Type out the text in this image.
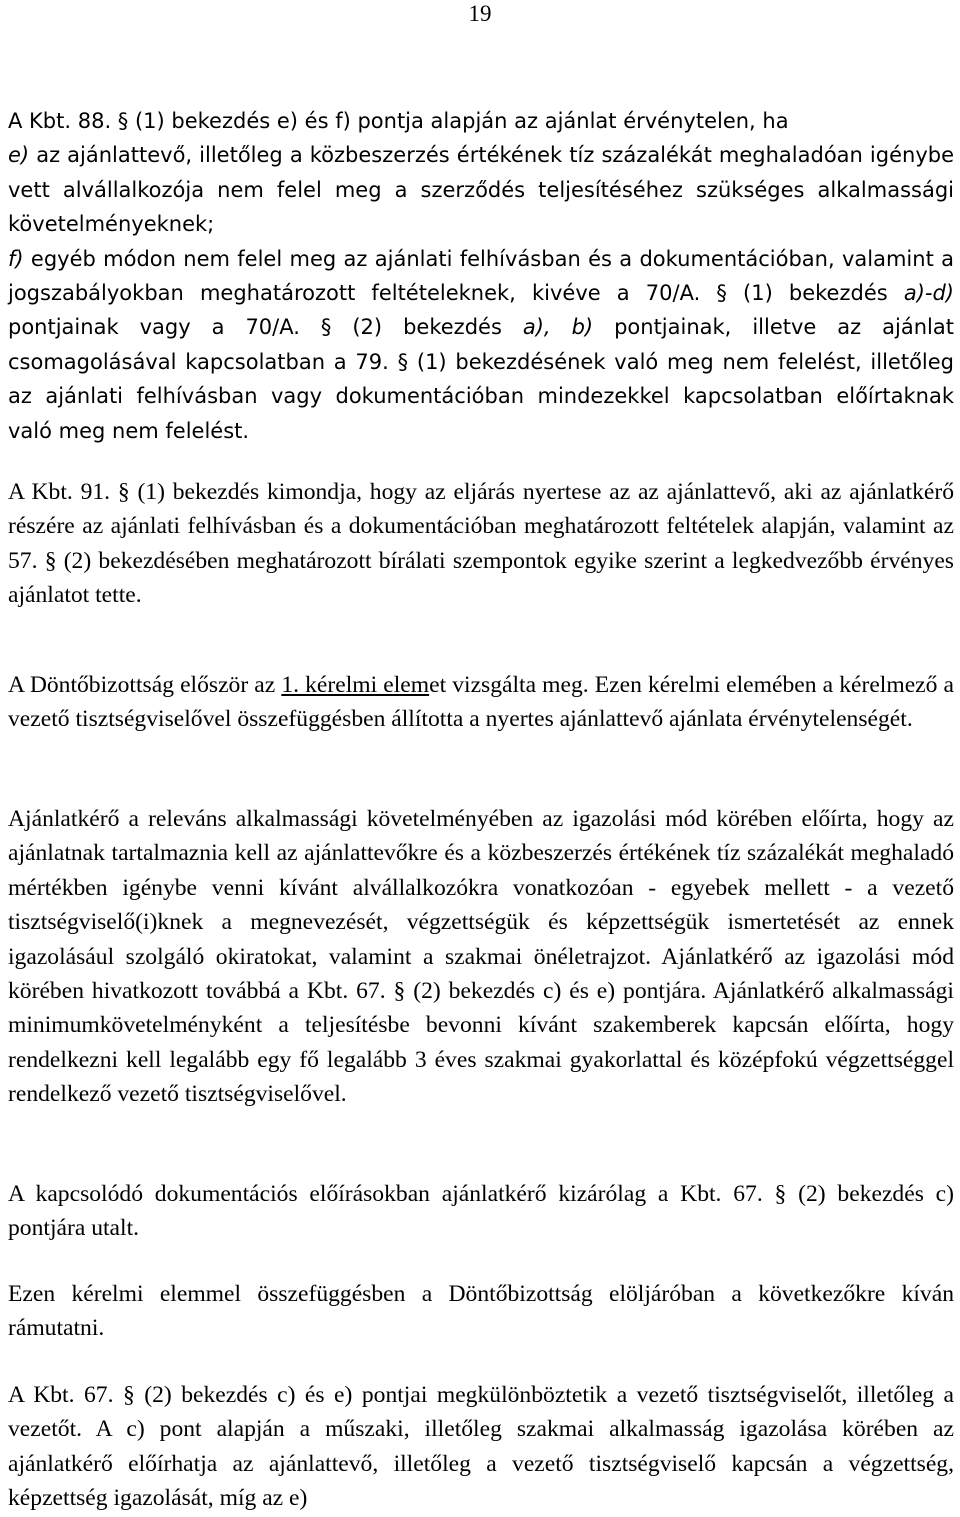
19

A Kbt. 88. § (1) bekezdés e) és f) pontja alapján az ajánlat érvénytelen, ha
e) az ajánlattevő, illetőleg a közbeszerzés értékének tíz százalékát meghaladóan igénybe vett alvállalkozója nem felel meg a szerződés teljesítéséhez szükséges alkalmassági követelményeknek;
f) egyéb módon nem felel meg az ajánlati felhívásban és a dokumentációban, valamint a jogszabályokban meghatározott feltételeknek, kivéve a 70/A. § (1) bekezdés a)-d) pontjainak vagy a 70/A. § (2) bekezdés a), b) pontjainak, illetve az ajánlat csomagolásával kapcsolatban a 79. § (1) bekezdésének való meg nem felelést, illetőleg az ajánlati felhívásban vagy dokumentációban mindezekkel kapcsolatban előírtaknak való meg nem felelést.

A Kbt. 91. § (1) bekezdés kimondja, hogy az eljárás nyertese az az ajánlattevő, aki az ajánlatkérő részére az ajánlati felhívásban és a dokumentációban meghatározott feltételek alapján, valamint az 57. § (2) bekezdésében meghatározott bírálati szempontok egyike szerint a legkedvezőbb érvényes ajánlatot tette.

A Döntőbizottság először az 1. kérelmi elemet vizsgálta meg. Ezen kérelmi elemében a kérelmező a vezető tisztségviselővel összefüggésben állította a nyertes ajánlattevő ajánlata érvénytelenségét.

Ajánlatkérő a releváns alkalmassági követelményében az igazolási mód körében előírta, hogy az ajánlatnak tartalmaznia kell az ajánlattevőkre és a közbeszerzés értékének tíz százalékát meghaladó mértékben igénybe venni kívánt alvállalkozókra vonatkozóan - egyebek mellett - a vezető tisztségviselő(i)knek a megnevezését, végzettségük és képzettségük ismertetését az ennek igazolásául szolgáló okiratokat, valamint a szakmai önéletrajzot. Ajánlatkérő az igazolási mód körében hivatkozott továbbá a Kbt. 67. § (2) bekezdés c) és e) pontjára. Ajánlatkérő alkalmassági minimumkövetelményként a teljesítésbe bevonni kívánt szakemberek kapcsán előírta, hogy rendelkezni kell legalább egy fő legalább 3 éves szakmai gyakorlattal és középfokú végzettséggel rendelkező vezető tisztségviselővel.

A kapcsolódó dokumentációs előírásokban ajánlatkérő kizárólag a Kbt. 67. § (2) bekezdés c) pontjára utalt.

Ezen kérelmi elemmel összefüggésben a Döntőbizottság elöljáróban a következőkre kíván rámutatni.

A Kbt. 67. § (2) bekezdés c) és e) pontjai megkülönböztetik a vezető tisztségviselőt, illetőleg a vezetőt. A c) pont alapján a műszaki, illetőleg szakmai alkalmasság igazolása körében az ajánlatkérő előírhatja az ajánlattevő, illetőleg a vezető tisztségviselő kapcsán a végzettség, képzettség igazolását, míg az e)
